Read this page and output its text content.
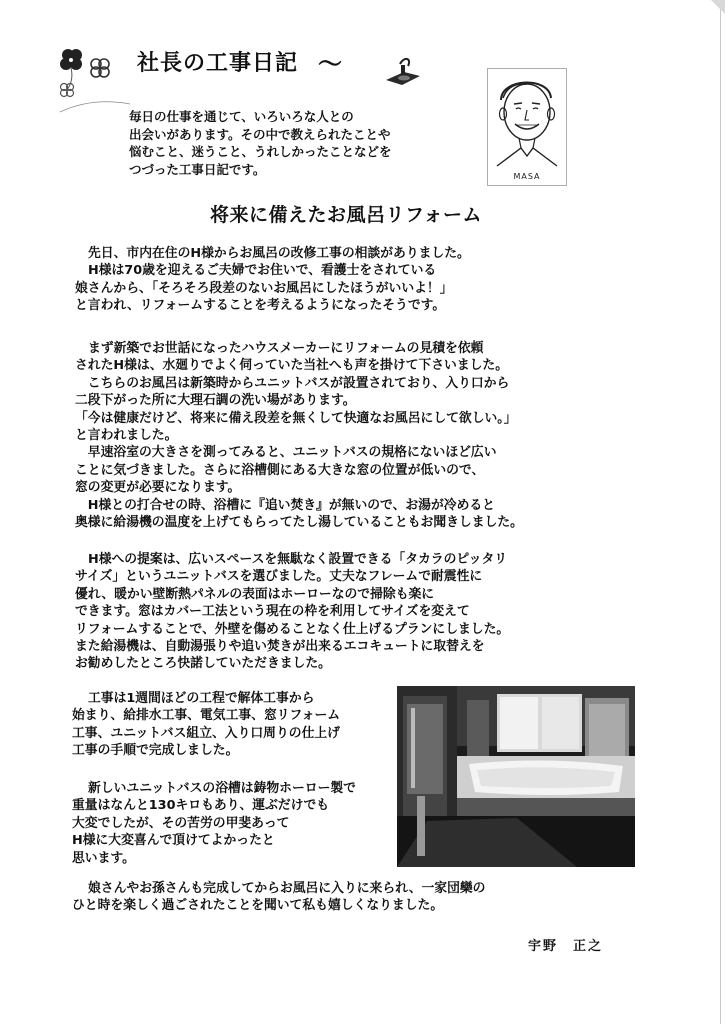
社長の工事日記 ～

毎日の仕事を通じて、いろいろな人との

出会いがあります。その中で教えられたことや

悩むこと、迷うこと、うれしかったことなどを

つづった工事日記です。	MASA
将来に備えたお風呂リフォーム

先日、市内在住のH様からお風呂の改修工事の相談がありました。

H様は70歳を迎えるご夫婦でお住いで、看護士をされている

娘さんから、「そろそろ段差のないお風呂にしたほうがいいよ！」

と言われ、リフォームすることを考えるようになったそうです。

まず新築でお世話になったハウスメーカーにリフォームの見積を依頼

されたH様は、水廻りでよく伺っていた当社へも声を掛けて下さいました。

　こちらのお風呂は新築時からユニットバスが設置されており、入り口から

二段下がった所に大理石調の洗い場があります。

「今は健康だけど、将来に備え段差を無くして快適なお風呂にして欲しい。」

と言われました。

　早速浴室の大きさを測ってみると、ユニットバスの規格にないほど広い

ことに気づきました。さらに浴槽側にある大きな窓の位置が低いので、

窓の変更が必要になります。

　H様との打合せの時、浴槽に『追い焚き』が無いので、お湯が冷めると

奥様に給湯機の温度を上げてもらってたし湯していることもお聞きしました。

H様への提案は、広いスペースを無駄なく設置できる「タカラのピッタリ

サイズ」というユニットバスを選びました。丈夫なフレームで耐震性に

優れ、暖かい壁断熱パネルの表面はホーローなので掃除も楽に

できます。窓はカバー工法という現在の枠を利用してサイズを変えて

リフォームすることで、外壁を傷めることなく仕上げるプランにしました。

また給湯機は、自動湯張りや追い焚きが出来るエコキュートに取替えを

お勧めしたところ快諾していただきました。

工事は1週間ほどの工程で解体工事から

始まり、給排水工事、電気工事、窓リフォーム

工事、ユニットバス組立、入り口周りの仕上げ

工事の手順で完成しました。

新しいユニットバスの浴槽は鋳物ホーロー製で

重量はなんと130キロもあり、運ぶだけでも

大変でしたが、その苦労の甲斐あって

H様に大変喜んで頂けてよかったと

思います。

娘さんやお孫さんも完成してからお風呂に入りに来られ、一家団欒の

ひと時を楽しく過ごされたことを聞いて私も嬉しくなりました。

宇野　正之
